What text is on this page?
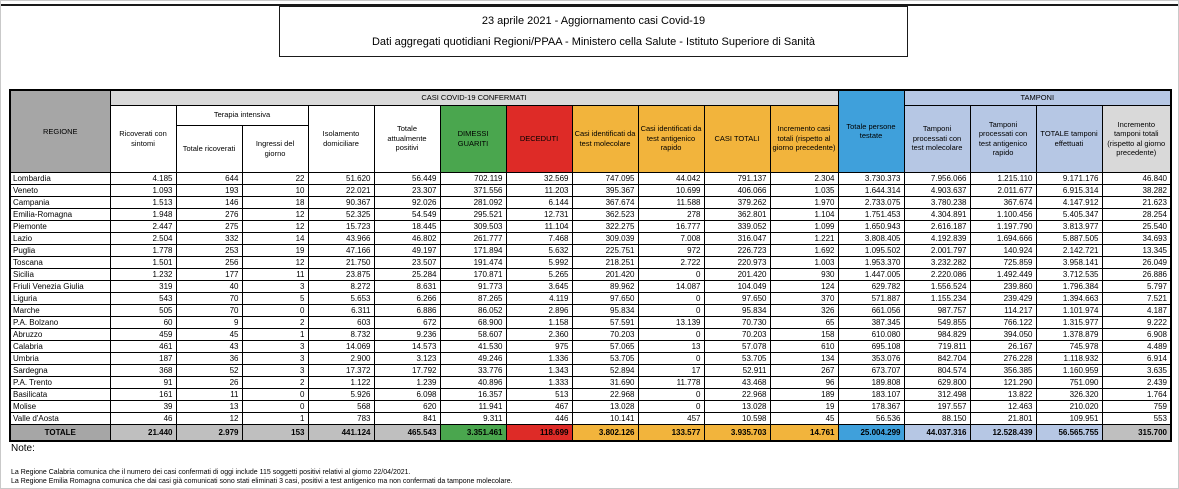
23 aprile 2021 - Aggiornamento casi Covid-19
Dati aggregati quotidiani Regioni/PPAA - Ministero cella Salute - Istituto Superiore di Sanità
REGIONE	CASI COVID-19 CONFERMATI											Totale persone testate	TAMPONI			
	Ricoverati con sintomi	Terapia intensiva		Isolamento domiciliare	Totale attualmente positivi	DIMESSI GUARITI	DECEDUTI	Casi identificati da test molecolare	Casi identificati da test antigenico rapido	CASI TOTALI	Incremento casi totali (rispetto al giorno precedente)		Tamponi processati con test molecolare	Tamponi processati con test antigenico rapido	TOTALE tamponi effettuati	Incremento tamponi totali (rispetto al giorno precedente)
		Totale ricoverati	Ingressi del giorno													
Lombardia	4.185	644	22	51.620	56.449	702.119	32.569	747.095	44.042	791.137	2.304	3.730.373	7.956.066	1.215.110	9.171.176	46.840
Veneto	1.093	193	10	22.021	23.307	371.556	11.203	395.367	10.699	406.066	1.035	1.644.314	4.903.637	2.011.677	6.915.314	38.282
Campania	1.513	146	18	90.367	92.026	281.092	6.144	367.674	11.588	379.262	1.970	2.733.075	3.780.238	367.674	4.147.912	21.623
Emilia-Romagna	1.948	276	12	52.325	54.549	295.521	12.731	362.523	278	362.801	1.104	1.751.453	4.304.891	1.100.456	5.405.347	28.254
Piemonte	2.447	275	12	15.723	18.445	309.503	11.104	322.275	16.777	339.052	1.099	1.650.943	2.616.187	1.197.790	3.813.977	25.540
Lazio	2.504	332	14	43.966	46.802	261.777	7.468	309.039	7.008	316.047	1.221	3.808.405	4.192.839	1.694.666	5.887.505	34.693
Puglia	1.778	253	19	47.166	49.197	171.894	5.632	225.751	972	226.723	1.692	1.095.502	2.001.797	140.924	2.142.721	13.345
Toscana	1.501	256	12	21.750	23.507	191.474	5.992	218.251	2.722	220.973	1.003	1.953.370	3.232.282	725.859	3.958.141	26.049
Sicilia	1.232	177	11	23.875	25.284	170.871	5.265	201.420	0	201.420	930	1.447.005	2.220.086	1.492.449	3.712.535	26.886
Friuli Venezia Giulia	319	40	3	8.272	8.631	91.773	3.645	89.962	14.087	104.049	124	629.782	1.556.524	239.860	1.796.384	5.797
Liguria	543	70	5	5.653	6.266	87.265	4.119	97.650	0	97.650	370	571.887	1.155.234	239.429	1.394.663	7.521
Marche	505	70	0	6.311	6.886	86.052	2.896	95.834	0	95.834	326	661.056	987.757	114.217	1.101.974	4.187
P.A. Bolzano	60	9	2	603	672	68.900	1.158	57.591	13.139	70.730	65	387.345	549.855	766.122	1.315.977	9.222
Abruzzo	459	45	1	8.732	9.236	58.607	2.360	70.203	0	70.203	158	610.080	984.829	394.050	1.378.879	6.908
Calabria	461	43	3	14.069	14.573	41.530	975	57.065	13	57.078	610	695.108	719.811	26.167	745.978	4.489
Umbria	187	36	3	2.900	3.123	49.246	1.336	53.705	0	53.705	134	353.076	842.704	276.228	1.118.932	6.914
Sardegna	368	52	3	17.372	17.792	33.776	1.343	52.894	17	52.911	267	673.707	804.574	356.385	1.160.959	3.635
P.A. Trento	91	26	2	1.122	1.239	40.896	1.333	31.690	11.778	43.468	96	189.808	629.800	121.290	751.090	2.439
Basilicata	161	11	0	5.926	6.098	16.357	513	22.968	0	22.968	189	183.107	312.498	13.822	326.320	1.764
Molise	39	13	0	568	620	11.941	467	13.028	0	13.028	19	178.367	197.557	12.463	210.020	759
Valle d'Aosta	46	12	1	783	841	9.311	446	10.141	457	10.598	45	56.536	88.150	21.801	109.951	553
TOTALE	21.440	2.979	153	441.124	465.543	3.351.461	118.699	3.802.126	133.577	3.935.703	14.761	25.004.299	44.037.316	12.528.439	56.565.755	315.700
Note:
La Regione Calabria comunica che il numero dei casi confermati di oggi include 115 soggetti positivi relativi al giorno 22/04/2021.
La Regione Emilia Romagna comunica che dai casi già comunicati sono stati eliminati 3 casi, positivi a test antigenico ma non confermati da tampone molecolare.
